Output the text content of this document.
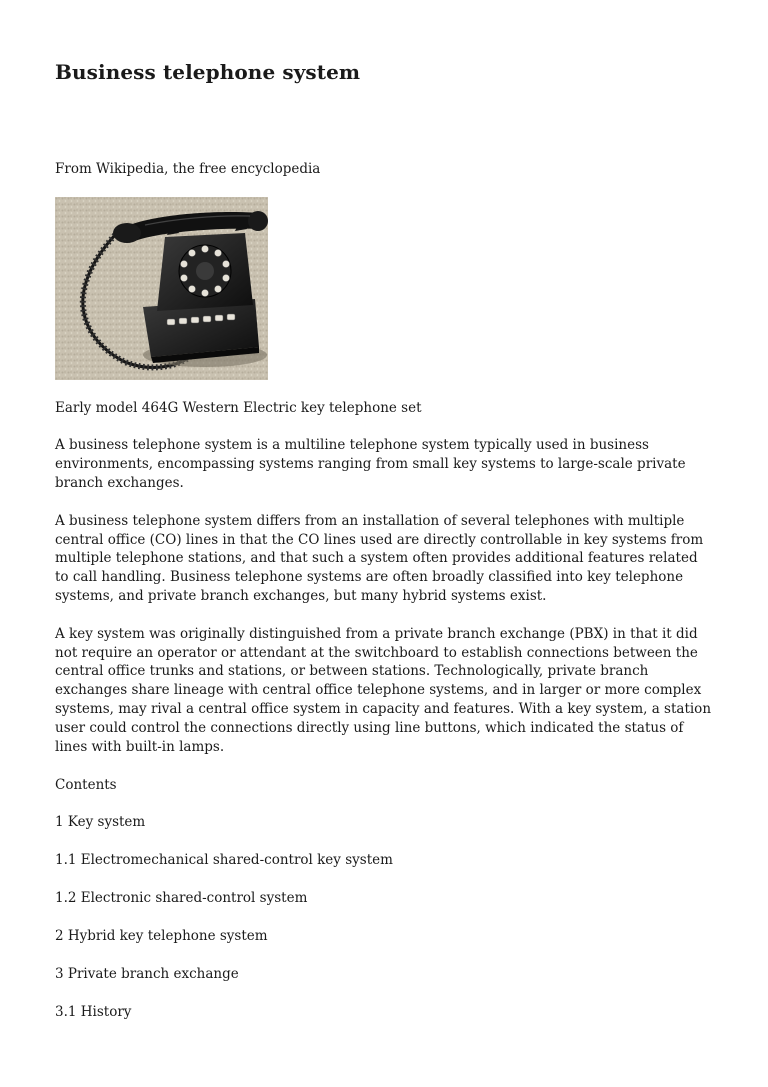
Business telephone system
From Wikipedia, the free encyclopedia

Early model 464G Western Electric key telephone set

A business telephone system is a multiline telephone system typically used in business environments, encompassing systems ranging from small key systems to large-scale private branch exchanges.

A business telephone system differs from an installation of several telephones with multiple central office (CO) lines in that the CO lines used are directly controllable in key systems from multiple telephone stations, and that such a system often provides additional features related to call handling. Business telephone systems are often broadly classified into key telephone systems, and private branch exchanges, but many hybrid systems exist.

A key system was originally distinguished from a private branch exchange (PBX) in that it did not require an operator or attendant at the switchboard to establish connections between the central office trunks and stations, or between stations. Technologically, private branch exchanges share lineage with central office telephone systems, and in larger or more complex systems, may rival a central office system in capacity and features. With a key system, a station user could control the connections directly using line buttons, which indicated the status of lines with built-in lamps.

Contents
1 Key system
1.1 Electromechanical shared-control key system
1.2 Electronic shared-control system
2 Hybrid key telephone system
3 Private branch exchange
3.1 History
